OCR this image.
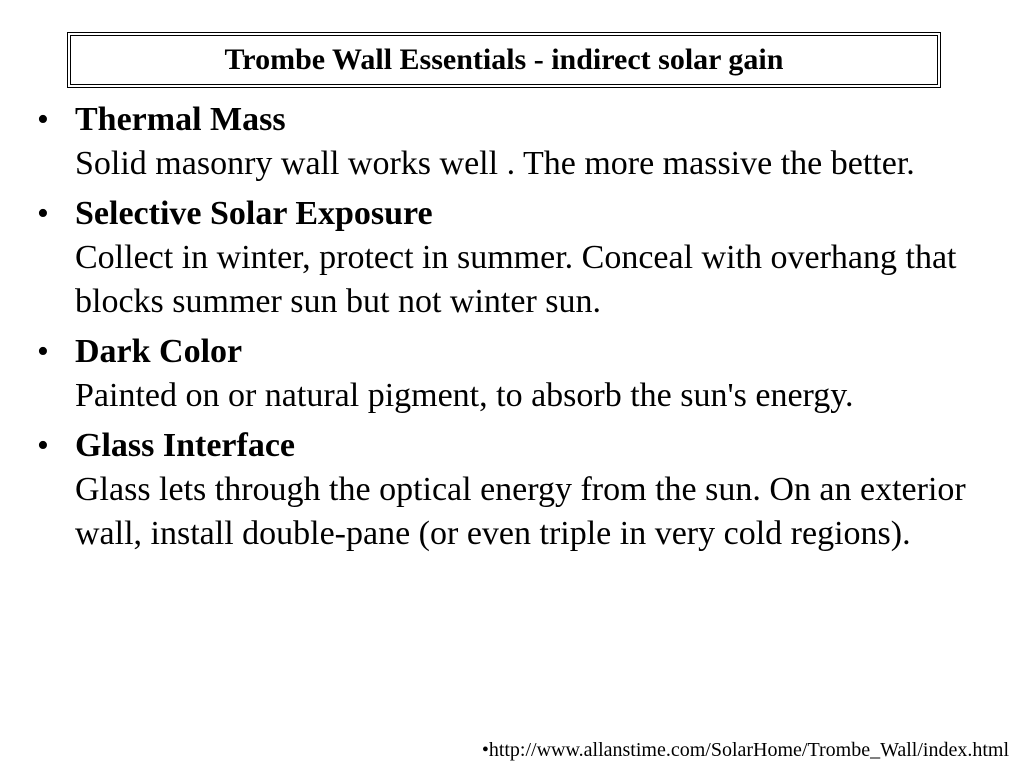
Trombe Wall Essentials - indirect solar gain
• Thermal Mass
Solid masonry wall works well . The more massive the better.
• Selective Solar Exposure
Collect in winter, protect in summer. Conceal with overhang that blocks summer sun but not winter sun.
• Dark Color
Painted on or natural pigment, to absorb the sun's energy.
• Glass Interface
Glass lets through the optical energy from the sun. On an exterior wall, install double-pane (or even triple in very cold regions).
•http://www.allanstime.com/SolarHome/Trombe_Wall/index.html
